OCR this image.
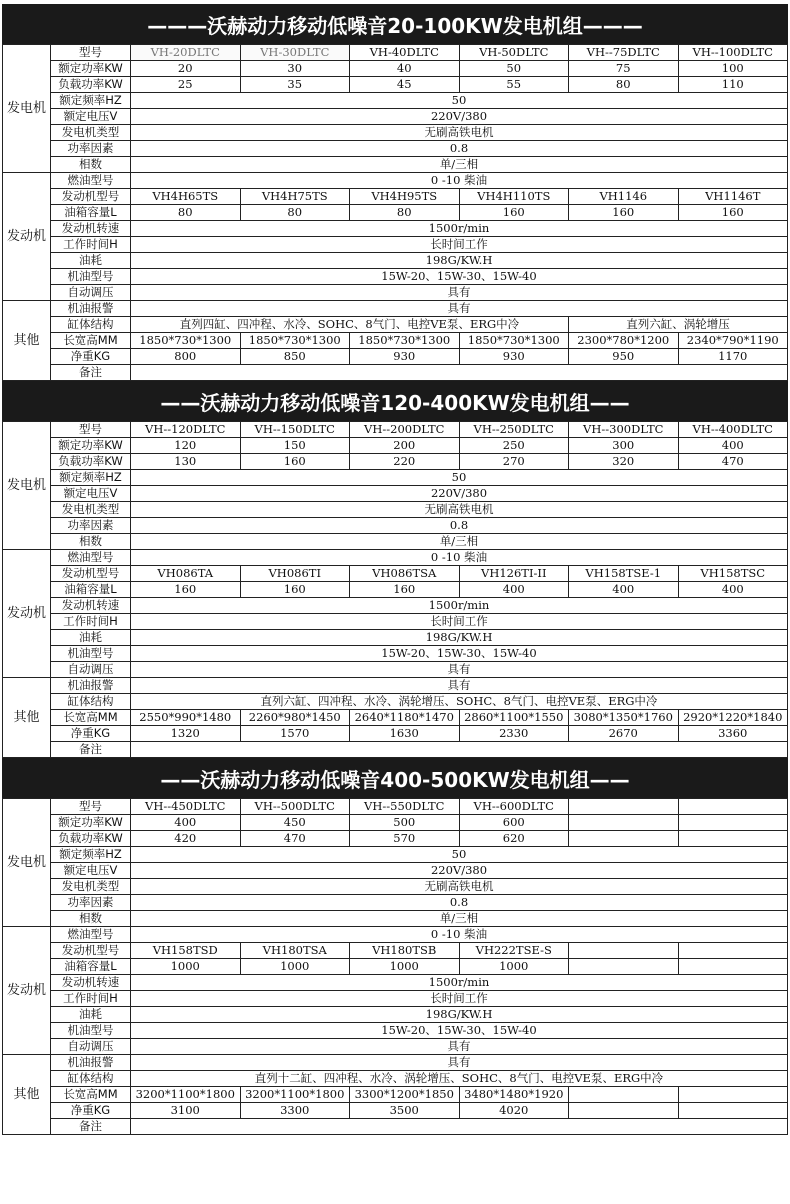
———沃赫动力移动低噪音20-100KW发电机组———
发电机	型号	VH-20DLTC	VH-30DLTC	VH-40DLTC	VH-50DLTC	VH--75DLTC	VH--100DLTC
	额定功率KW	20	30	40	50	75	100
	负载功率KW	25	35	45	55	80	110
	额定频率HZ	50					
	额定电压V	220V/380					
	发电机类型	无刷高铁电机					
	功率因素	0.8					
	相数	单/三相					
发动机	燃油型号	0 -10 柴油					
	发动机型号	VH4H65TS	VH4H75TS	VH4H95TS	VH4H110TS	VH1146	VH1146T
	油箱容量L	80	80	80	160	160	160
	发动机转速	1500r/min					
	工作时间H	长时间工作					
	油耗	198G/KW.H					
	机油型号	15W-20、15W-30、15W-40					
	自动调压	具有					
其他	机油报警	具有					
	缸体结构	直列四缸、四冲程、水冷、SOHC、8气门、电控VE泵、ERG中冷				直列六缸、涡轮增压	
	长宽高MM	1850*730*1300	1850*730*1300	1850*730*1300	1850*730*1300	2300*780*1200	2340*790*1190
	净重KG	800	850	930	930	950	1170
	备注						
——沃赫动力移动低噪音120-400KW发电机组——
发电机	型号	VH--120DLTC	VH--150DLTC	VH--200DLTC	VH--250DLTC	VH--300DLTC	VH--400DLTC
	额定功率KW	120	150	200	250	300	400
	负载功率KW	130	160	220	270	320	470
	额定频率HZ	50					
	额定电压V	220V/380					
	发电机类型	无刷高铁电机					
	功率因素	0.8					
	相数	单/三相					
发动机	燃油型号	0 -10 柴油					
	发动机型号	VH086TA	VH086TI	VH086TSA	VH126TI-II	VH158TSE-1	VH158TSC
	油箱容量L	160	160	160	400	400	400
	发动机转速	1500r/min					
	工作时间H	长时间工作					
	油耗	198G/KW.H					
	机油型号	15W-20、15W-30、15W-40					
	自动调压	具有					
其他	机油报警	具有					
	缸体结构	直列六缸、四冲程、水冷、涡轮增压、SOHC、8气门、电控VE泵、ERG中冷					
	长宽高MM	2550*990*1480	2260*980*1450	2640*1180*1470	2860*1100*1550	3080*1350*1760	2920*1220*1840
	净重KG	1320	1570	1630	2330	2670	3360
	备注						
——沃赫动力移动低噪音400-500KW发电机组——
发电机	型号	VH--450DLTC	VH--500DLTC	VH--550DLTC	VH--600DLTC		
	额定功率KW	400	450	500	600		
	负载功率KW	420	470	570	620		
	额定频率HZ	50					
	额定电压V	220V/380					
	发电机类型	无刷高铁电机					
	功率因素	0.8					
	相数	单/三相					
发动机	燃油型号	0 -10 柴油					
	发动机型号	VH158TSD	VH180TSA	VH180TSB	VH222TSE-S		
	油箱容量L	1000	1000	1000	1000		
	发动机转速	1500r/min					
	工作时间H	长时间工作					
	油耗	198G/KW.H					
	机油型号	15W-20、15W-30、15W-40					
	自动调压	具有					
其他	机油报警	具有					
	缸体结构	直列十二缸、四冲程、水冷、涡轮增压、SOHC、8气门、电控VE泵、ERG中冷					
	长宽高MM	3200*1100*1800	3200*1100*1800	3300*1200*1850	3480*1480*1920		
	净重KG	3100	3300	3500	4020		
	备注						
